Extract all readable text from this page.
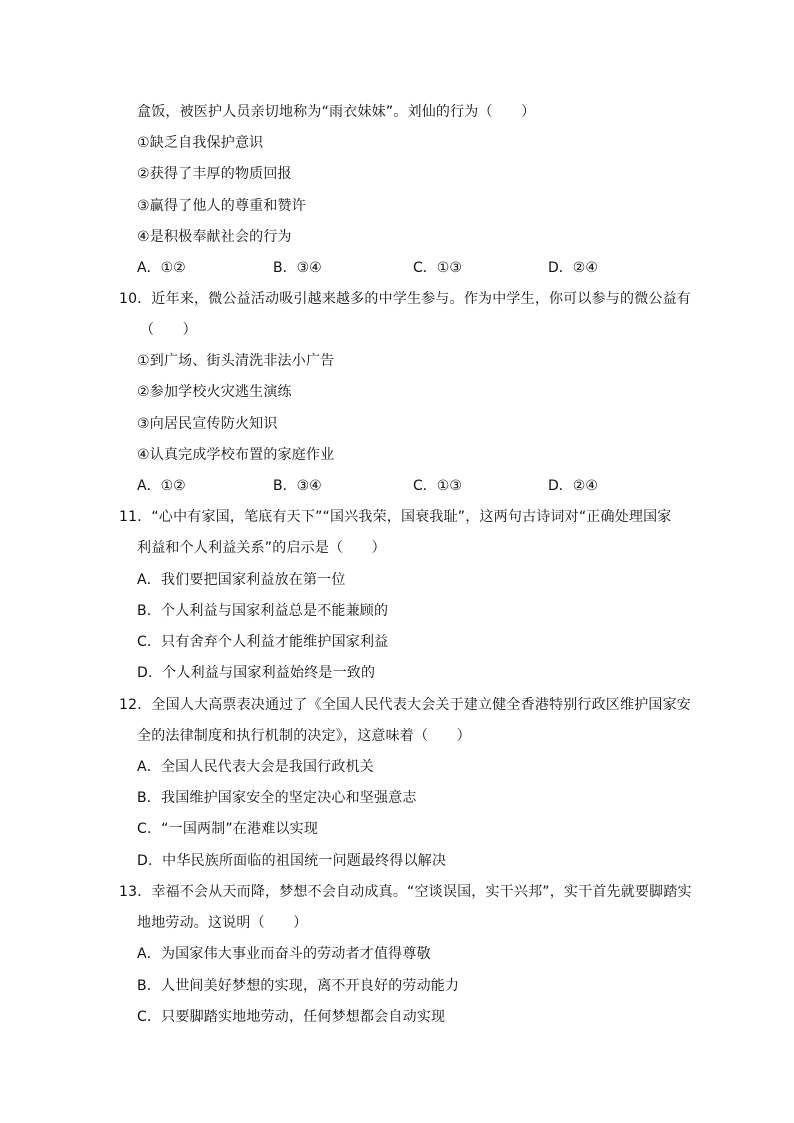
盒饭，被医护人员亲切地称为“雨衣妹妹”。刘仙的行为（　　）
①缺乏自我保护意识
②获得了丰厚的物质回报
③赢得了他人的尊重和赞许
④是积极奉献社会的行为
A．①②	B．③④	C．①③	D．②④
10．近年来，微公益活动吸引越来越多的中学生参与。作为中学生，你可以参与的微公益有
（　　）
①到广场、街头清洗非法小广告
②参加学校火灾逃生演练
③向居民宣传防火知识
④认真完成学校布置的家庭作业
A．①②	B．③④	C．①③	D．②④
11．“心中有家国，笔底有天下”“国兴我荣，国衰我耻”，这两句古诗词对“正确处理国家
利益和个人利益关系”的启示是（　　）
A．我们要把国家利益放在第一位
B．个人利益与国家利益总是不能兼顾的
C．只有舍弃个人利益才能维护国家利益
D．个人利益与国家利益始终是一致的
12．全国人大高票表决通过了《全国人民代表大会关于建立健全香港特别行政区维护国家安
全的法律制度和执行机制的决定》，这意味着（　　）
A．全国人民代表大会是我国行政机关
B．我国维护国家安全的坚定决心和坚强意志
C．“一国两制”在港难以实现
D．中华民族所面临的祖国统一问题最终得以解决
13．幸福不会从天而降，梦想不会自动成真。“空谈误国，实干兴邦”，实干首先就要脚踏实
地地劳动。这说明（　　）
A．为国家伟大事业而奋斗的劳动者才值得尊敬
B．人世间美好梦想的实现，离不开良好的劳动能力
C．只要脚踏实地地劳动，任何梦想都会自动实现
